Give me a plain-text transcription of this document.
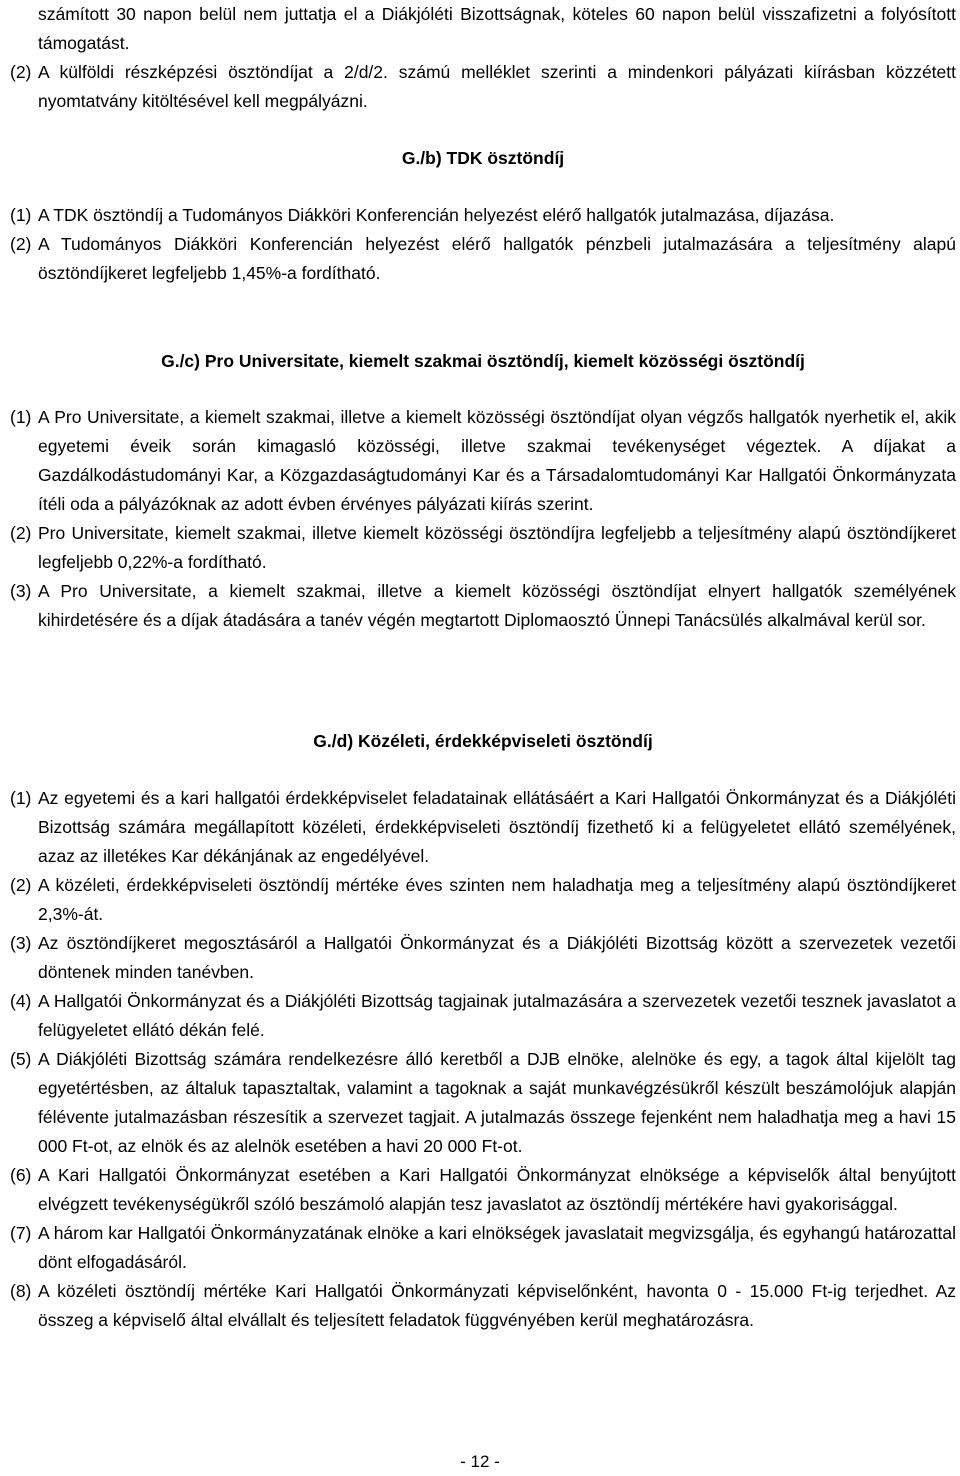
számított 30 napon belül nem juttatja el a Diákjóléti Bizottságnak, köteles 60 napon belül visszafizetni a folyósított támogatást.

(2) A külföldi részképzési ösztöndíjat a 2/d/2. számú melléklet szerinti a mindenkori pályázati kiírásban közzétett nyomtatvány kitöltésével kell megpályázni.

G./b) TDK ösztöndíj

(1) A TDK ösztöndíj a Tudományos Diákköri Konferencián helyezést elérő hallgatók jutalmazása, díjazása.
(2) A Tudományos Diákköri Konferencián helyezést elérő hallgatók pénzbeli jutalmazására a teljesítmény alapú ösztöndíjkeret legfeljebb 1,45%-a fordítható.

G./c) Pro Universitate, kiemelt szakmai ösztöndíj, kiemelt közösségi ösztöndíj

(1) A Pro Universitate, a kiemelt szakmai, illetve a kiemelt közösségi ösztöndíjat olyan végzős hallgatók nyerhetik el, akik egyetemi éveik során kimagasló közösségi, illetve szakmai tevékenységet végeztek. A díjakat a Gazdálkodástudományi Kar, a Közgazdaságtudományi Kar és a Társadalomtudományi Kar Hallgatói Önkormányzata ítéli oda a pályázóknak az adott évben érvényes pályázati kiírás szerint.
(2) Pro Universitate, kiemelt szakmai, illetve kiemelt közösségi ösztöndíjra legfeljebb a teljesítmény alapú ösztöndíjkeret legfeljebb 0,22%-a fordítható.
(3) A Pro Universitate, a kiemelt szakmai, illetve a kiemelt közösségi ösztöndíjat elnyert hallgatók személyének kihirdetésére és a díjak átadására a tanév végén megtartott Diplomaosztó Ünnepi Tanácsülés alkalmával kerül sor.

G./d) Közéleti, érdekképviseleti ösztöndíj

(1) Az egyetemi és a kari hallgatói érdekképviselet feladatainak ellátásáért a Kari Hallgatói Önkormányzat és a Diákjóléti Bizottság számára megállapított közéleti, érdekképviseleti ösztöndíj fizethető ki a felügyeletet ellátó személyének, azaz az illetékes Kar dékánjának az engedélyével.
(2) A közéleti, érdekképviseleti ösztöndíj mértéke éves szinten nem haladhatja meg a teljesítmény alapú ösztöndíjkeret 2,3%-át.
(3) Az ösztöndíjkeret megosztásáról a Hallgatói Önkormányzat és a Diákjóléti Bizottság között a szervezetek vezetői döntenek minden tanévben.
(4) A Hallgatói Önkormányzat és a Diákjóléti Bizottság tagjainak jutalmazására a szervezetek vezetői tesznek javaslatot a felügyeletet ellátó dékán felé.
(5) A Diákjóléti Bizottság számára rendelkezésre álló keretből a DJB elnöke, alelnöke és egy, a tagok által kijelölt tag egyetértésben, az általuk tapasztaltak, valamint a tagoknak a saját munkavégzésükről készült beszámolójuk alapján félévente jutalmazásban részesítik a szervezet tagjait. A jutalmazás összege fejenként nem haladhatja meg a havi 15 000 Ft-ot, az elnök és az alelnök esetében a havi 20 000 Ft-ot.
(6) A Kari Hallgatói Önkormányzat esetében a Kari Hallgatói Önkormányzat elnöksége a képviselők által benyújtott elvégzett tevékenységükről szóló beszámoló alapján tesz javaslatot az ösztöndíj mértékére havi gyakorisággal.
(7) A három kar Hallgatói Önkormányzatának elnöke a kari elnökségek javaslatait megvizsgálja, és egyhangú határozattal dönt elfogadásáról.
(8) A közéleti ösztöndíj mértéke Kari Hallgatói Önkormányzati képviselőnként, havonta 0 - 15.000 Ft-ig terjedhet. Az összeg a képviselő által elvállalt és teljesített feladatok függvényében kerül meghatározásra.
- 12 -
